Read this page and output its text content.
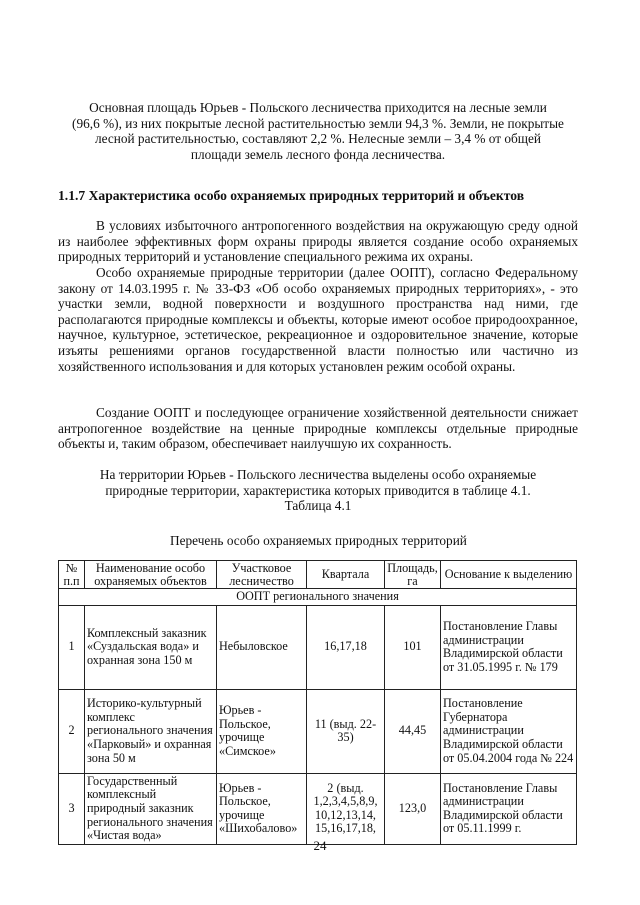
Основная площадь Юрьев - Польского лесничества приходится на лесные земли
(96,6 %), из них покрытые лесной растительностью земли 94,3 %. Земли, не покрытые
лесной растительностью, составляют 2,2 %. Нелесные земли – 3,4 % от общей
площади земель лесного фонда лесничества.
1.1.7 Характеристика особо охраняемых природных территорий и объектов

В условиях избыточного антропогенного воздействия на окружающую среду одной из наиболее эффективных форм охраны природы является создание особо охраняемых природных территорий и установление специального режима их охраны.

Особо охраняемые природные территории (далее ООПТ), согласно Федеральному закону от 14.03.1995 г. № 33-ФЗ «Об особо охраняемых природных территориях», - это участки земли, водной поверхности и воздушного пространства над ними, где располагаются природные комплексы и объекты, которые имеют особое природоохранное, научное, культурное, эстетическое, рекреационное и оздоровительное значение, которые изъяты решениями органов государственной власти полностью или частично из хозяйственного использования и для которых установлен режим особой охраны.

Создание ООПТ и последующее ограничение хозяйственной деятельности снижает антропогенное воздействие на ценные природные комплексы отдельные природные объекты и, таким образом, обеспечивает наилучшую их сохранность.

На территории Юрьев - Польского лесничества выделены особо охраняемые
природные территории, характеристика которых приводится в таблице 4.1.
Таблица 4.1
Перечень особо охраняемых природных территорий
№ п.п	Наименование особо охраняемых объектов	Участковое лесничество	Квартала	Площадь, га	Основание к выделению
ООПТ регионального значения					
1	Комплексный заказник «Суздальская вода» и охранная зона 150 м	Небыловское	16,17,18	101	Постановление Главы администрации Владимирской области от 31.05.1995 г. № 179
2	Историко-культурный комплекс регионального значения «Парковый» и охранная зона 50 м	Юрьев - Польское, урочище «Симское»	11 (выд. 22-35)	44,45	Постановление Губернатора администрации Владимирской области от 05.04.2004 года № 224
3	Государственный комплексный природный заказник регионального значения «Чистая вода»	Юрьев - Польское, урочище «Шихобалово»	2 (выд. 1,2,3,4,5,8,9, 10,12,13,14, 15,16,17,18,	123,0	Постановление Главы администрации Владимирской области от 05.11.1999 г.
24
